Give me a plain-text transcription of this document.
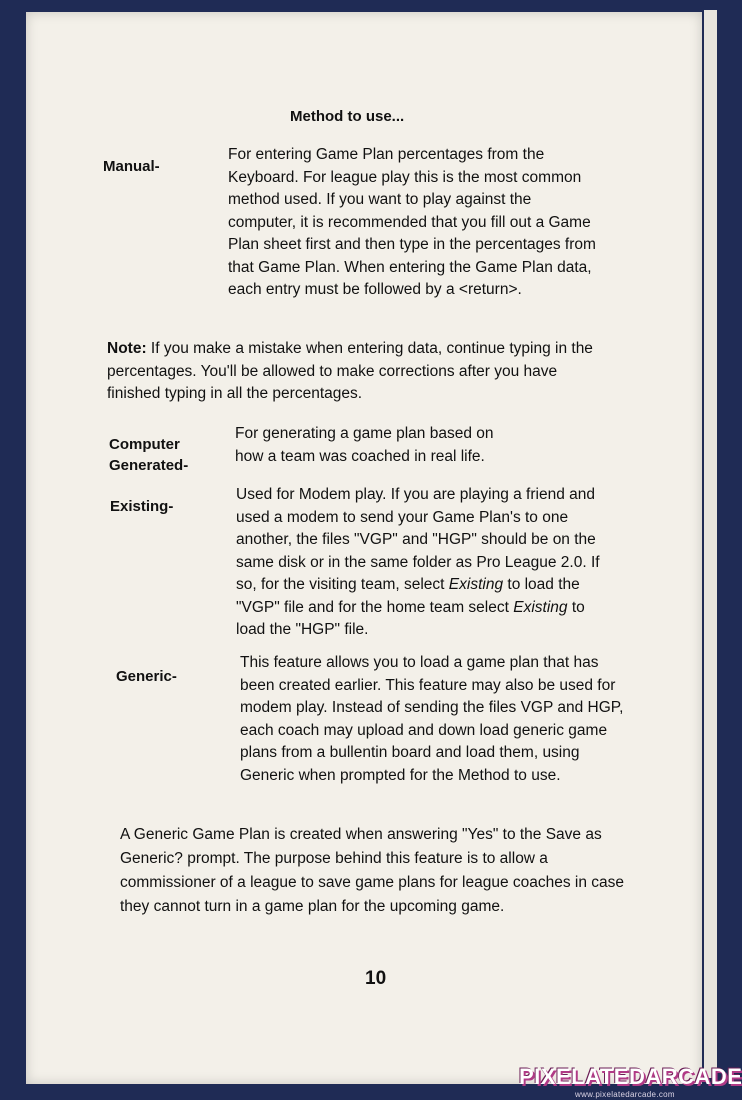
Method to use...
Manual-
For entering Game Plan percentages from the Keyboard. For league play this is the most common method used. If you want to play against the computer, it is recommended that you fill out a Game Plan sheet first and then type in the percentages from that Game Plan. When entering the Game Plan data, each entry must be followed by a <return>.
Note: If you make a mistake when entering data, continue typing in the percentages. You'll be allowed to make corrections after you have finished typing in all the percentages.
Computer
Generated-
For generating a game plan based on how a team was coached in real life.
Existing-
Used for Modem play. If you are playing a friend and used a modem to send your Game Plan's to one another, the files "VGP" and "HGP" should be on the same disk or in the same folder as Pro League 2.0. If so, for the visiting team, select Existing to load the "VGP" file and for the home team select Existing to load the "HGP" file.
Generic-
This feature allows you to load a game plan that has been created earlier. This feature may also be used for modem play. Instead of sending the files VGP and HGP, each coach may upload and down load generic game plans from a bullentin board and load them, using Generic when prompted for the Method to use.
A Generic Game Plan is created when answering "Yes" to the Save as Generic? prompt. The purpose behind this feature is to allow a commissioner of a league to save game plans for league coaches in case they cannot turn in a game plan for the upcoming game.
10
PIXELATEDARCADE
www.pixelatedarcade.com
